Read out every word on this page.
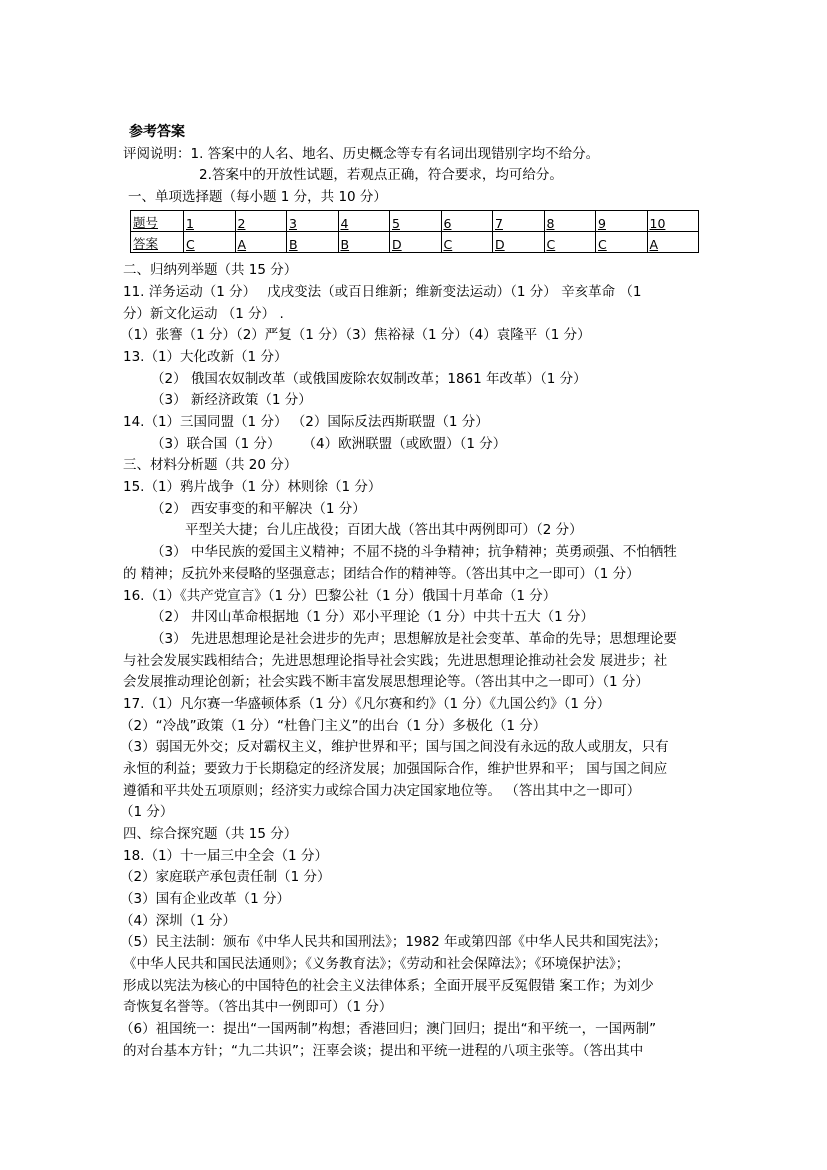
参考答案
评阅说明：1. 答案中的人名、地名、历史概念等专有名词出现错别字均不给分。
2.答案中的开放性试题，若观点正确，符合要求，均可给分。
一、单项选择题（每小题 1 分，共 10 分）
题号	1	2	3	4	5	6	7	8	9	10
答案	C	A	B	B	D	C	D	C	C	A
二、归纳列举题（共 15 分）
11. 洋务运动（1 分）　 戊戌变法（或百日维新；维新变法运动）（1 分） 辛亥革命 （1
分）新文化运动 （1 分） .
（1）张謇（1 分）（2）严复（1 分）（3）焦裕禄（1 分）（4）袁隆平（1 分）
13.（1）大化改新（1 分）
（2） 俄国农奴制改革（或俄国废除农奴制改革；1861 年改革）（1 分）
（3） 新经济政策（1 分）
14.（1）三国同盟（1 分） （2）国际反法西斯联盟（1 分）
（3）联合国（1 分） 　 （4）欧洲联盟（或欧盟）（1 分）
三、材料分析题（共 20 分）
15.（1）鸦片战争（1 分）林则徐（1 分）
（2） 西安事变的和平解决（1 分）
平型关大捷；台儿庄战役；百团大战（答出其中两例即可）（2 分）
（3） 中华民族的爱国主义精神；不屈不挠的斗争精神；抗争精神；英勇顽强、不怕牺牲
的 精神；反抗外来侵略的坚强意志；团结合作的精神等。（答出其中之一即可）（1 分）
16.（1）《共产党宣言》（1 分）巴黎公社（1 分）俄国十月革命（1 分）
（2） 井冈山革命根据地（1 分）邓小平理论（1 分）中共十五大（1 分）
（3） 先进思想理论是社会进步的先声；思想解放是社会变革、革命的先导；思想理论要
与社会发展实践相结合；先进思想理论指导社会实践；先进思想理论推动社会发 展进步；社
会发展推动理论创新；社会实践不断丰富发展思想理论等。（答出其中之一即可）（1 分）
17.（1）凡尔赛一华盛顿体系（1 分）《凡尔赛和约》（1 分）《九国公约》（1 分）
（2）“冷战”政策（1 分）“杜鲁门主义”的出台（1 分）多极化（1 分）
（3）弱国无外交；反对霸权主义，维护世界和平；国与国之间没有永远的敌人或朋友，只有
永恒的利益；要致力于长期稳定的经济发展；加强国际合作，维护世界和平； 国与国之间应
遵循和平共处五项原则；经济实力或综合国力决定国家地位等。 （答出其中之一即可）
（1 分）
四、综合探究题（共 15 分）
18.（1）十一届三中全会（1 分）
（2）家庭联产承包责任制（1 分）
（3）国有企业改革（1 分）
（4）深圳（1 分）
（5）民主法制：颁布《中华人民共和国刑法》；1982 年或第四部《中华人民共和国宪法》；
《中华人民共和国民法通则》；《义务教育法》；《劳动和社会保障法》；《环境保护法》；
形成以宪法为核心的中国特色的社会主义法律体系；全面开展平反冤假错 案工作；为刘少
奇恢复名誉等。（答出其中一例即可）（1 分）
（6）祖国统一：提出“一国两制”构想；香港回归；澳门回归；提出“和平统一，一国两制”
的对台基本方针；“九二共识”；汪辜会谈；提出和平统一进程的八项主张等。（答出其中
